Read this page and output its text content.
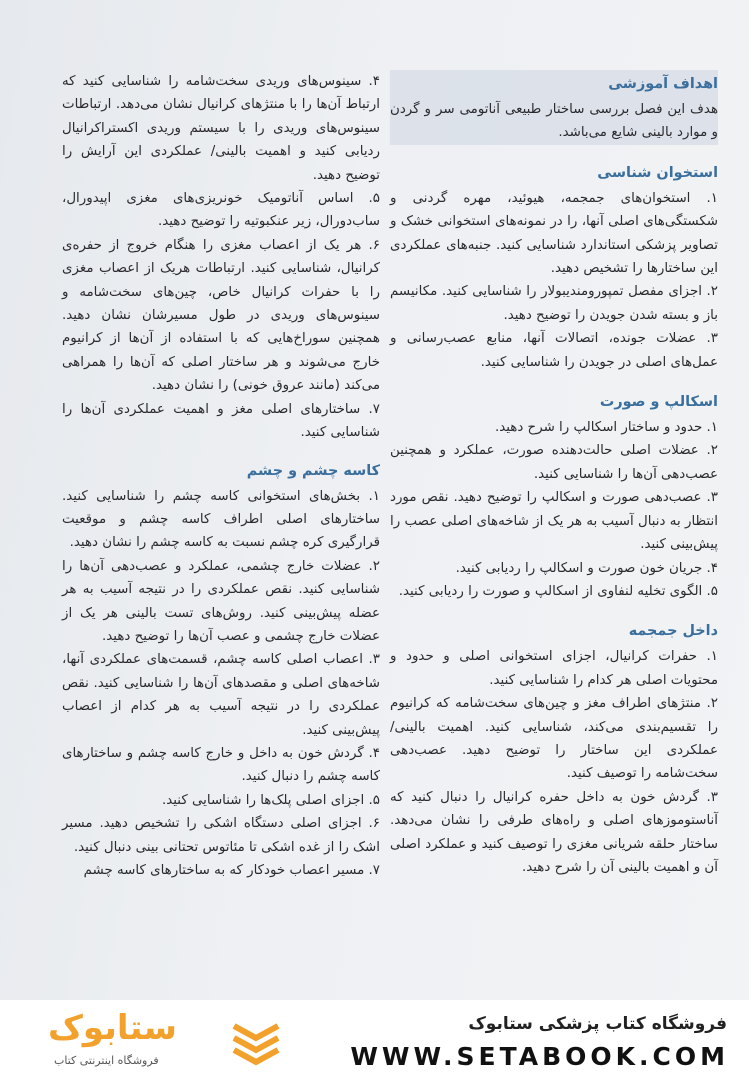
اهداف آموزشی

هدف این فصل بررسی ساختار طبیعی آناتومی سر و گردن و موارد بالینی شایع می‌باشد.

استخوان شناسی

۱. استخوان‌های جمجمه، هیوئید، مهره گردنی و شکستگی‌های اصلی آنها، را در نمونه‌های استخوانی خشک و تصاویر پزشکی استاندارد شناسایی کنید. جنبه‌های عملکردی این ساختارها را تشخیص دهید.

۲. اجزای مفصل تمپورومندیبولار را شناسایی کنید. مکانیسم باز و بسته شدن جویدن را توضیح دهید.

۳. عضلات جونده، اتصالات آنها، منابع عصب‌رسانی و عمل‌های اصلی در جویدن را شناسایی کنید.

اسکالپ و صورت

۱. حدود و ساختار اسکالپ را شرح دهید.

۲. عضلات اصلی حالت‌دهنده صورت، عملکرد و همچنین عصب‌دهی آن‌ها را شناسایی کنید.

۳. عصب‌دهی صورت و اسکالپ را توضیح دهید. نقص مورد انتظار به دنبال آسیب به هر یک از شاخه‌های اصلی عصب را پیش‌بینی کنید.

۴. جریان خون صورت و اسکالپ را ردیابی کنید.

۵. الگوی تخلیه لنفاوی از اسکالپ و صورت را ردیابی کنید.

داخل جمجمه

۱. حفرات کرانیال، اجزای استخوانی اصلی و حدود و محتویات اصلی هر کدام را شناسایی کنید.

۲. منتژهای اطراف مغز و چین‌های سخت‌شامه که کرانیوم را تقسیم‌بندی می‌کند، شناسایی کنید. اهمیت بالینی/ عملکردی این ساختار را توضیح دهید. عصب‌دهی سخت‌شامه را توصیف کنید.

۳. گردش خون به داخل حفره کرانیال را دنبال کنید که آناستوموزهای اصلی و راه‌های طرفی را نشان می‌دهد. ساختار حلقه شریانی مغزی را توصیف کنید و عملکرد اصلی آن و اهمیت بالینی آن را شرح دهید.

۴. سینوس‌های وریدی سخت‌شامه را شناسایی کنید که ارتباط آن‌ها را با منتژهای کرانیال نشان می‌دهد. ارتباطات سینوس‌های وریدی را با سیستم وریدی اکستراکرانیال ردیابی کنید و اهمیت بالینی/ عملکردی این آرایش را توضیح دهید.

۵. اساس آناتومیک خونریزی‌های مغزی اپیدورال، ساب‌دورال، زیر عنکبوتیه را توضیح دهید.

۶. هر یک از اعصاب مغزی را هنگام خروج از حفره‌ی کرانیال، شناسایی کنید. ارتباطات هریک از اعصاب مغزی را با حفرات کرانیال خاص، چین‌های سخت‌شامه و سینوس‌های وریدی در طول مسیرشان نشان دهید. همچنین سوراخ‌هایی که با استفاده از آن‌ها از کرانیوم خارج می‌شوند و هر ساختار اصلی که آن‌ها را همراهی می‌کند (مانند عروق خونی) را نشان دهید.

۷. ساختارهای اصلی مغز و اهمیت عملکردی آن‌ها را شناسایی کنید.

کاسه چشم و چشم

۱. بخش‌های استخوانی کاسه چشم را شناسایی کنید. ساختارهای اصلی اطراف کاسه چشم و موقعیت قرارگیری کره چشم نسبت به کاسه چشم را نشان دهید.

۲. عضلات خارج چشمی، عملکرد و عصب‌دهی آن‌ها را شناسایی کنید. نقص عملکردی را در نتیجه آسیب به هر عضله پیش‌بینی کنید. روش‌های تست بالینی هر یک از عضلات خارج چشمی و عصب آن‌ها را توضیح دهید.

۳. اعصاب اصلی کاسه چشم، قسمت‌های عملکردی آنها، شاخه‌های اصلی و مقصدهای آن‌ها را شناسایی کنید. نقص عملکردی را در نتیجه آسیب به هر کدام از اعصاب پیش‌بینی کنید.

۴. گردش خون به داخل و خارج کاسه چشم و ساختارهای کاسه چشم را دنبال کنید.

۵. اجزای اصلی پلک‌ها را شناسایی کنید.

۶. اجزای اصلی دستگاه اشکی را تشخیص دهید. مسیر اشک را از غده اشکی تا مئاتوس تحتانی بینی دنبال کنید.

۷. مسیر اعصاب خودکار که به ساختارهای کاسه چشم

ستابوک
فروشگاه اینترنتی کتاب
فروشگاه کتاب پزشکی ستابوک
WWW.SETABOOK.COM
